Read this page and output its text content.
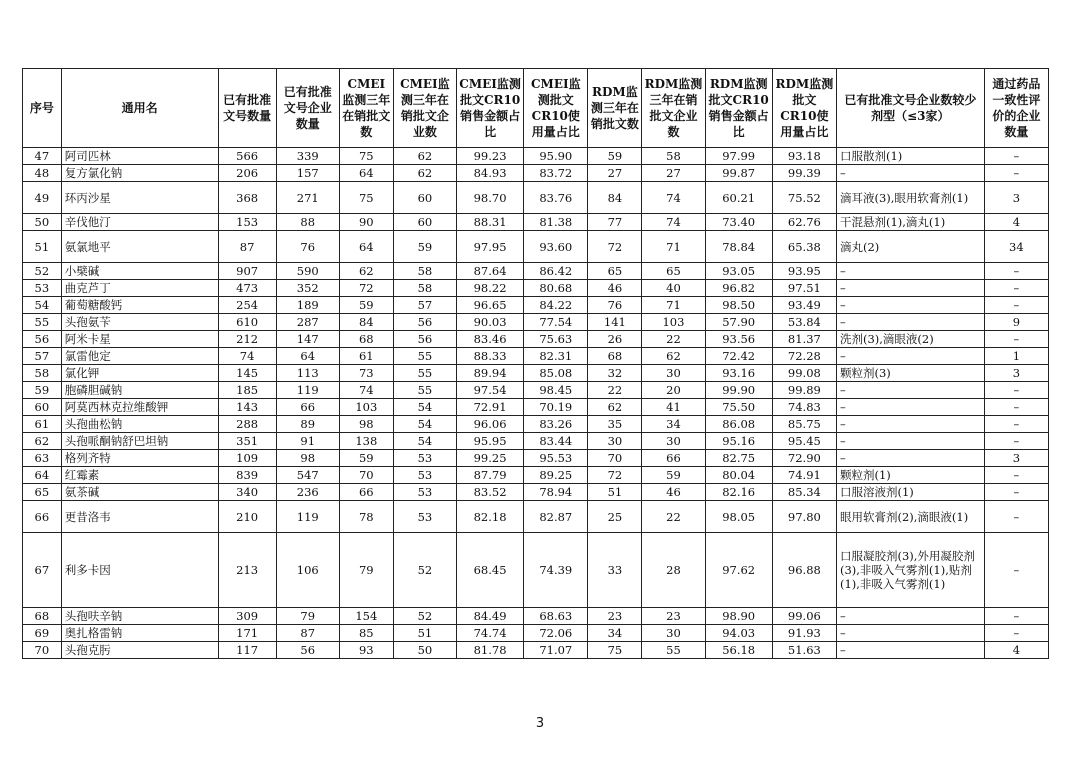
序号	通用名	已有批准文号数量	已有批准文号企业数量	CMEI监测三年在销批文数	CMEI监测三年在销批文企业数	CMEI监测批文CR10销售金额占比	CMEI监测批文CR10使用量占比	RDM监测三年在销批文数	RDM监测三年在销批文企业数	RDM监测批文CR10销售金额占比	RDM监测批文CR10使用量占比	已有批准文号企业数较少剂型（≤3家）	通过药品一致性评价的企业数量
47	阿司匹林	566	339	75	62	99.23	95.90	59	58	97.99	93.18	口服散剂(1)	–
48	复方氯化钠	206	157	64	62	84.93	83.72	27	27	99.87	99.39	–	–
49	环丙沙星	368	271	75	60	98.70	83.76	84	74	60.21	75.52	滴耳液(3),眼用软膏剂(1)	3
50	辛伐他汀	153	88	90	60	88.31	81.38	77	74	73.40	62.76	干混悬剂(1),滴丸(1)	4
51	氨氯地平	87	76	64	59	97.95	93.60	72	71	78.84	65.38	滴丸(2)	34
52	小檗碱	907	590	62	58	87.64	86.42	65	65	93.05	93.95	–	–
53	曲克芦丁	473	352	72	58	98.22	80.68	46	40	96.82	97.51	–	–
54	葡萄糖酸钙	254	189	59	57	96.65	84.22	76	71	98.50	93.49	–	–
55	头孢氨苄	610	287	84	56	90.03	77.54	141	103	57.90	53.84	–	9
56	阿米卡星	212	147	68	56	83.46	75.63	26	22	93.56	81.37	洗剂(3),滴眼液(2)	–
57	氯雷他定	74	64	61	55	88.33	82.31	68	62	72.42	72.28	–	1
58	氯化钾	145	113	73	55	89.94	85.08	32	30	93.16	99.08	颗粒剂(3)	3
59	胞磷胆碱钠	185	119	74	55	97.54	98.45	22	20	99.90	99.89	–	–
60	阿莫西林克拉维酸钾	143	66	103	54	72.91	70.19	62	41	75.50	74.83	–	–
61	头孢曲松钠	288	89	98	54	96.06	83.26	35	34	86.08	85.75	–	–
62	头孢哌酮钠舒巴坦钠	351	91	138	54	95.95	83.44	30	30	95.16	95.45	–	–
63	格列齐特	109	98	59	53	99.25	95.53	70	66	82.75	72.90	–	3
64	红霉素	839	547	70	53	87.79	89.25	72	59	80.04	74.91	颗粒剂(1)	–
65	氨茶碱	340	236	66	53	83.52	78.94	51	46	82.16	85.34	口服溶液剂(1)	–
66	更昔洛韦	210	119	78	53	82.18	82.87	25	22	98.05	97.80	眼用软膏剂(2),滴眼液(1)	–
67	利多卡因	213	106	79	52	68.45	74.39	33	28	97.62	96.88	口服凝胶剂(3),外用凝胶剂(3),非吸入气雾剂(1),贴剂(1),非吸入气雾剂(1)	–
68	头孢呋辛钠	309	79	154	52	84.49	68.63	23	23	98.90	99.06	–	–
69	奥扎格雷钠	171	87	85	51	74.74	72.06	34	30	94.03	91.93	–	–
70	头孢克肟	117	56	93	50	81.78	71.07	75	55	56.18	51.63	–	4
3
